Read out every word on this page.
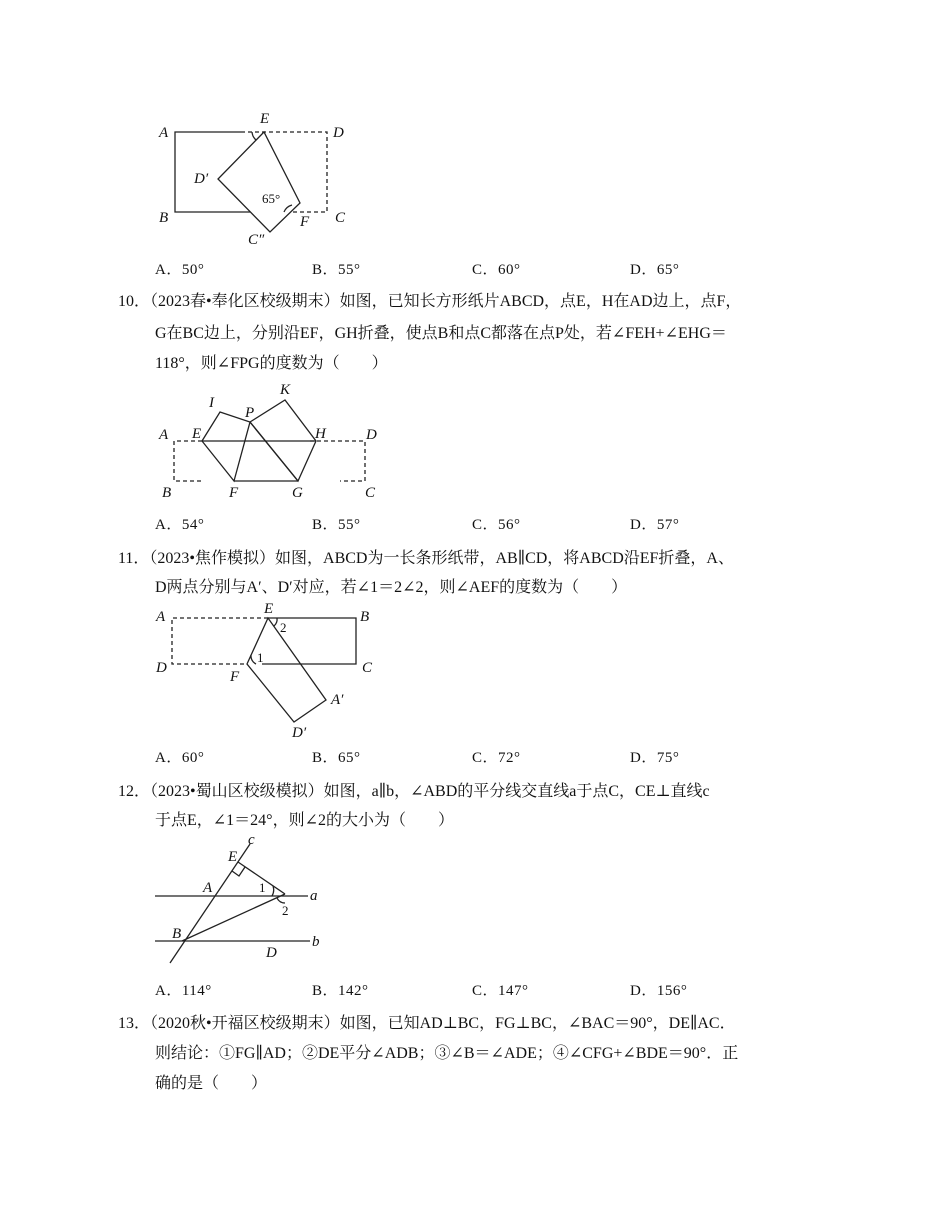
A
E
D
D′
65°
B	F C
C″
A．50°	B．55°	C．60°	D．65°
10．（2023春•奉化区校级期末）如图，已知长方形纸片ABCD，点E，H在AD边上，点F，
G在BC边上，分别沿EF，GH折叠，使点B和点C都落在点P处，若∠FEH+∠EHG＝
118°，则∠FPG的度数为（　　）
I
P
K
A E	H	D
B	F	G	C
A．54°	B．55°	C．56°	D．57°
11．（2023•焦作模拟）如图，ABCD为一长条形纸带，AB∥CD，将ABCD沿EF折叠，A、
D两点分别与A′、D′对应，若∠1＝2∠2，则∠AEF的度数为（　　）
A	E	B
2
1
D
F
C
A′
D′
A．60°	B．65°	C．72°	D．75°
12．（2023•蜀山区校级模拟）如图，a∥b，∠ABD的平分线交直线a于点C，CE⊥直线c
于点E，∠1＝24°，则∠2的大小为（　　）
c
E
A	1
a
2
B
D
b
A．114°	B．142°	C．147°	D．156°
13．（2020秋•开福区校级期末）如图，已知AD⊥BC，FG⊥BC，∠BAC＝90°，DE∥AC．
则结论：①FG∥AD；②DE平分∠ADB；③∠B＝∠ADE；④∠CFG+∠BDE＝90°．正
确的是（　　）
